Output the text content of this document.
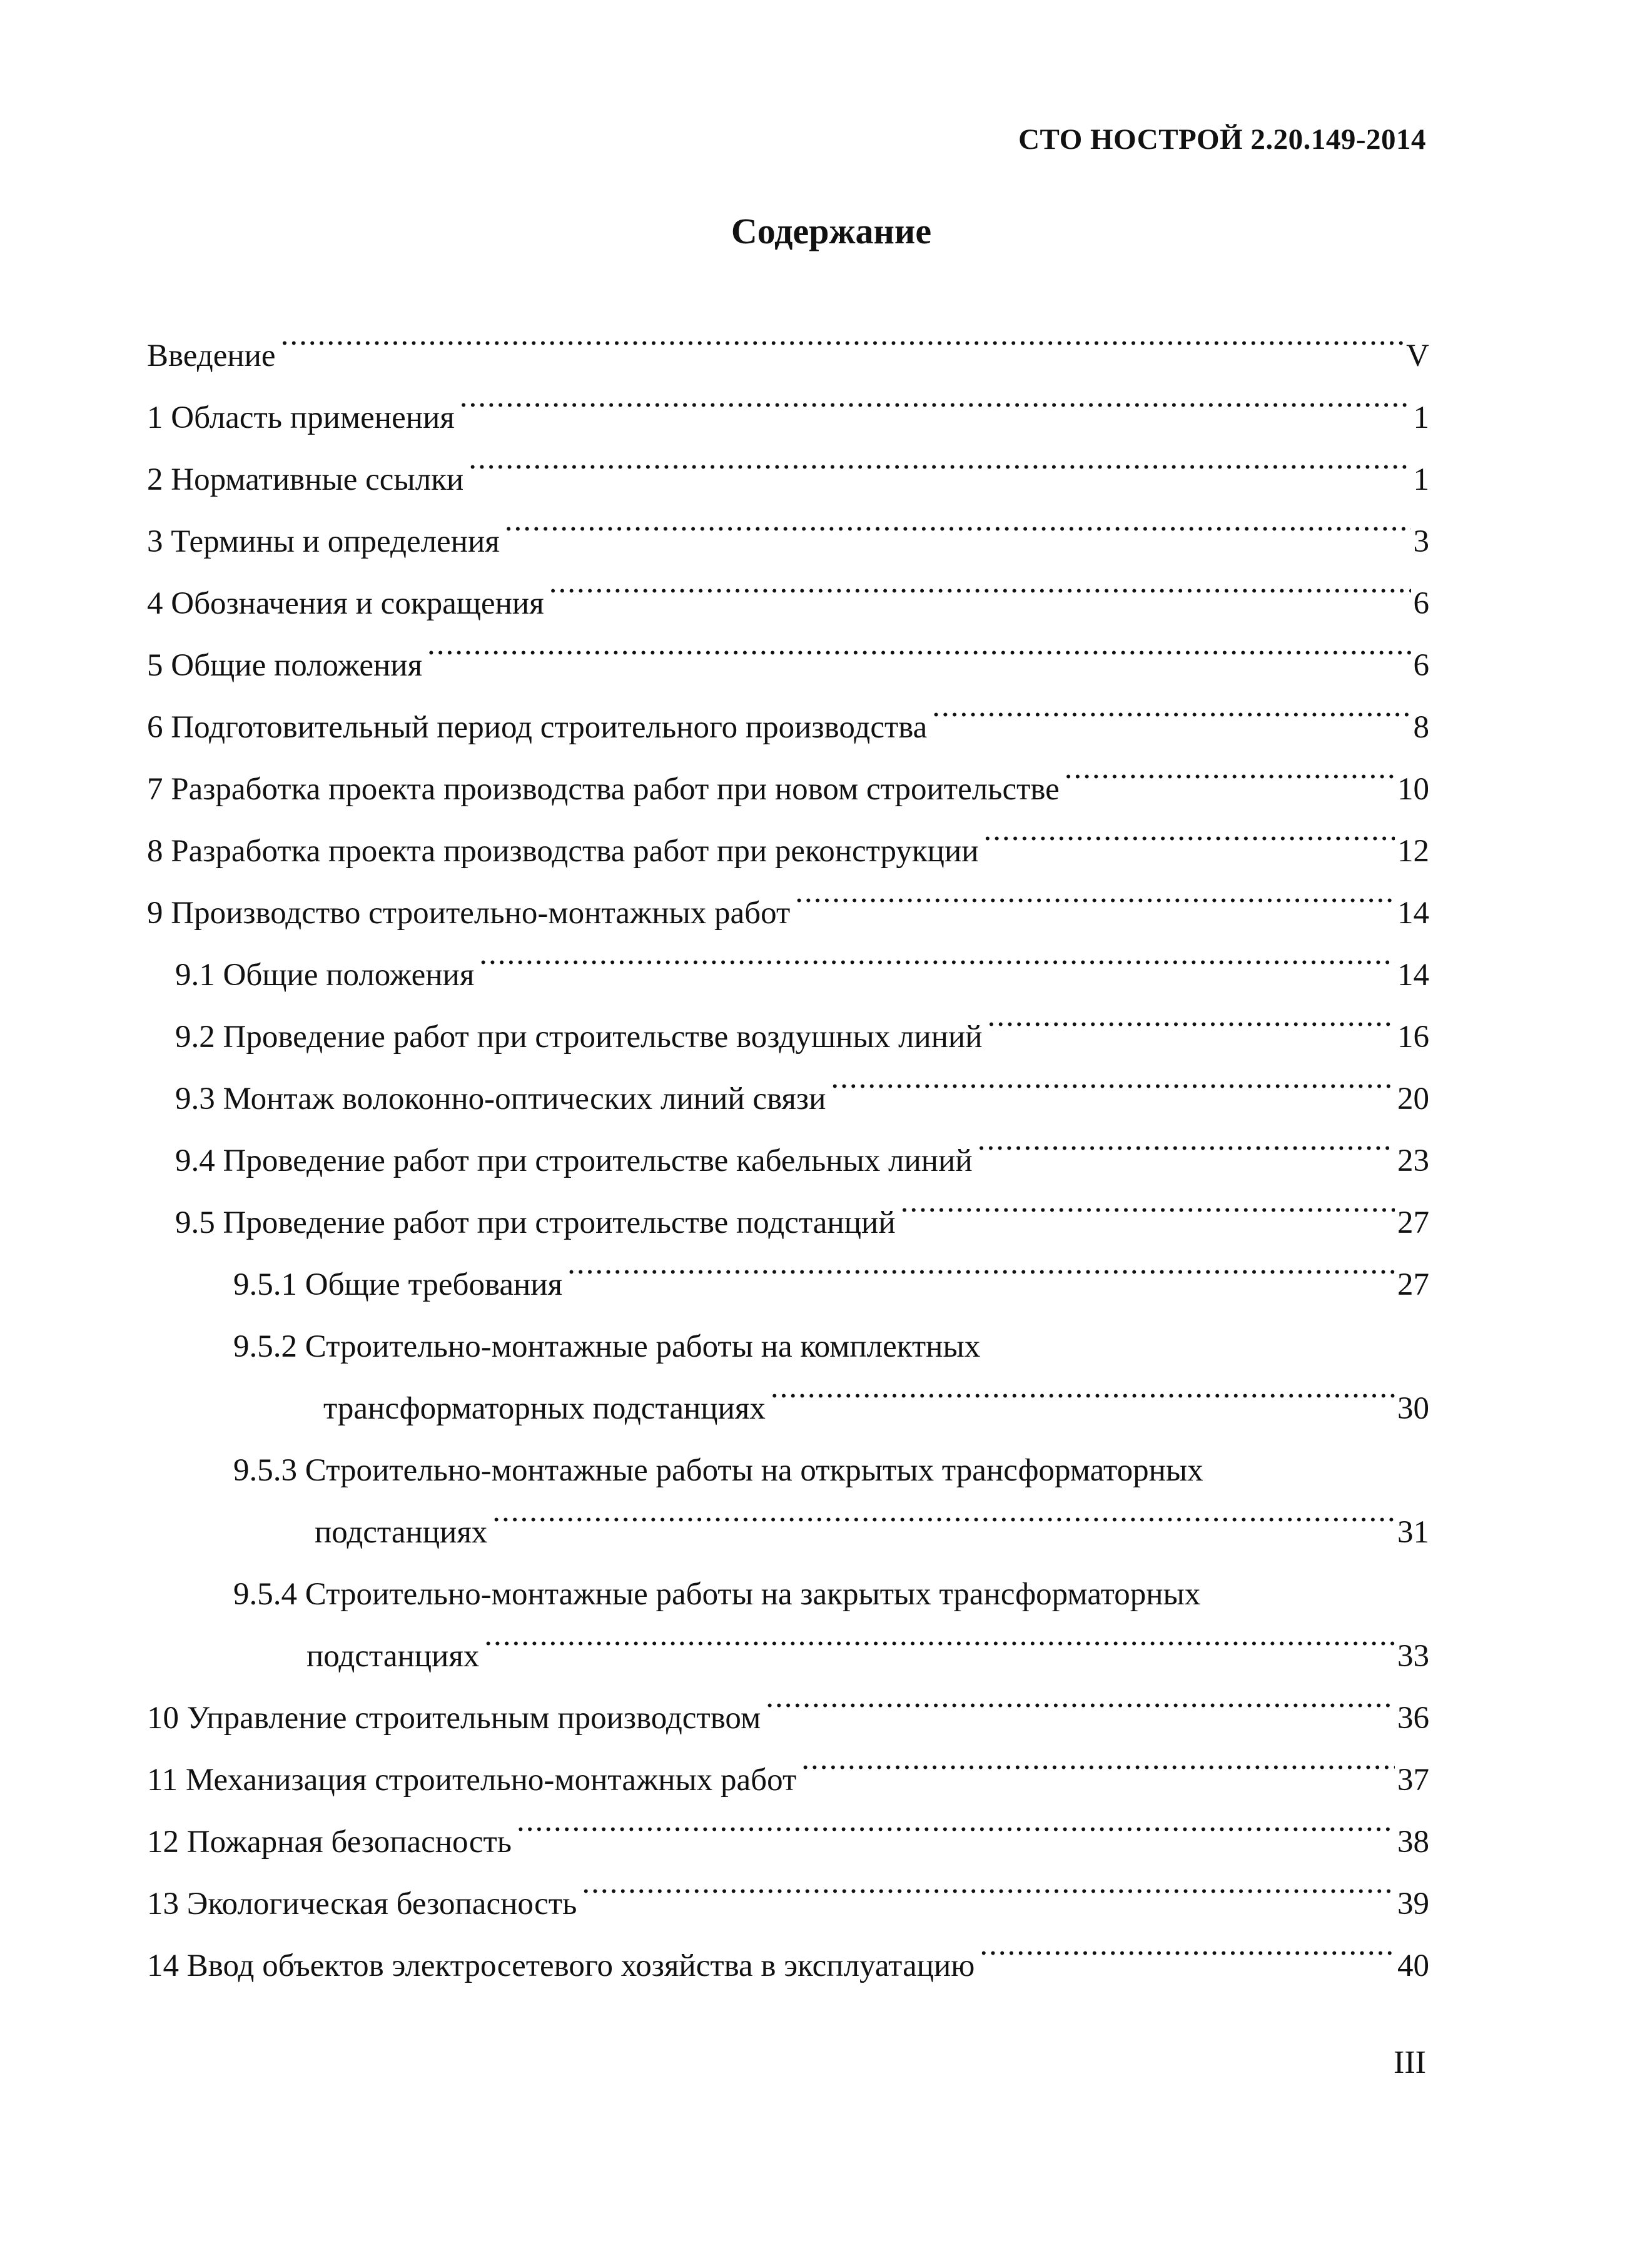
СТО НОСТРОЙ 2.20.149-2014
Содержание
Введение .....	V
1 Область применения .....	1
2 Нормативные ссылки .....	1
3 Термины и определения .....	3
4 Обозначения и сокращения .....	6
5 Общие положения .....	6
6 Подготовительный период строительного производства .....	8
7 Разработка проекта производства работ при новом строительстве .....	10
8 Разработка проекта производства работ при реконструкции .....	12
9 Производство строительно-монтажных работ .....	14
9.1 Общие положения .....	14
9.2 Проведение работ при строительстве воздушных линий .....	16
9.3 Монтаж волоконно-оптических линий связи .....	20
9.4 Проведение работ при строительстве кабельных линий .....	23
9.5 Проведение работ при строительстве подстанций .....	27
9.5.1 Общие требования .....	27
9.5.2 Строительно-монтажные работы на комплектных
трансформаторных подстанциях .....	30
9.5.3 Строительно-монтажные работы на открытых трансформаторных
подстанциях .....	31
9.5.4 Строительно-монтажные работы на закрытых трансформаторных
подстанциях .....	33
10 Управление строительным производством .....	36
11 Механизация строительно-монтажных работ .....	37
12 Пожарная безопасность .....	38
13 Экологическая безопасность .....	39
14 Ввод объектов электросетевого хозяйства в эксплуатацию .....	40
III
